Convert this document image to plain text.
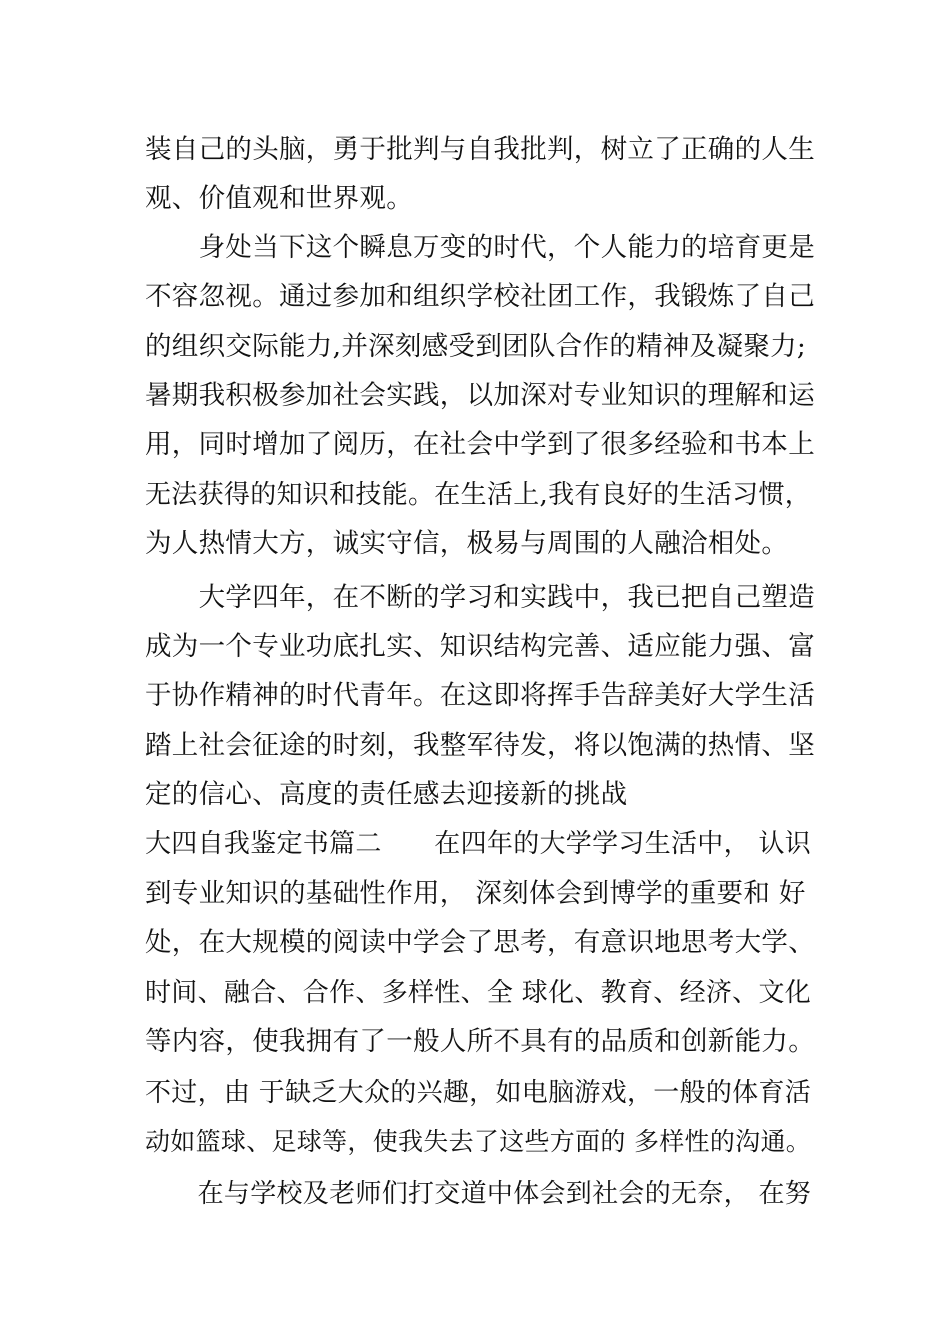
装自己的头脑，勇于批判与自我批判，树立了正确的人生
观、价值观和世界观。
　　身处当下这个瞬息万变的时代，个人能力的培育更是
不容忽视。通过参加和组织学校社团工作，我锻炼了自己
的组织交际能力,并深刻感受到团队合作的精神及凝聚力;
暑期我积极参加社会实践，以加深对专业知识的理解和运
用，同时增加了阅历，在社会中学到了很多经验和书本上
无法获得的知识和技能。在生活上,我有良好的生活习惯，
为人热情大方，诚实守信，极易与周围的人融洽相处。
　　大学四年，在不断的学习和实践中，我已把自己塑造
成为一个专业功底扎实、知识结构完善、适应能力强、富
于协作精神的时代青年。在这即将挥手告辞美好大学生活
踏上社会征途的时刻，我整军待发，将以饱满的热情、坚
定的信心、高度的责任感去迎接新的挑战
大四自我鉴定书篇二　　在四年的大学学习生活中， 认识
到专业知识的基础性作用， 深刻体会到博学的重要和 好
处，在大规模的阅读中学会了思考，有意识地思考大学、
时间、融合、合作、多样性、全 球化、教育、经济、文化
等内容，使我拥有了一般人所不具有的品质和创新能力。
不过，由 于缺乏大众的兴趣，如电脑游戏，一般的体育活
动如篮球、足球等，使我失去了这些方面的 多样性的沟通。
　　在与学校及老师们打交道中体会到社会的无奈， 在努
